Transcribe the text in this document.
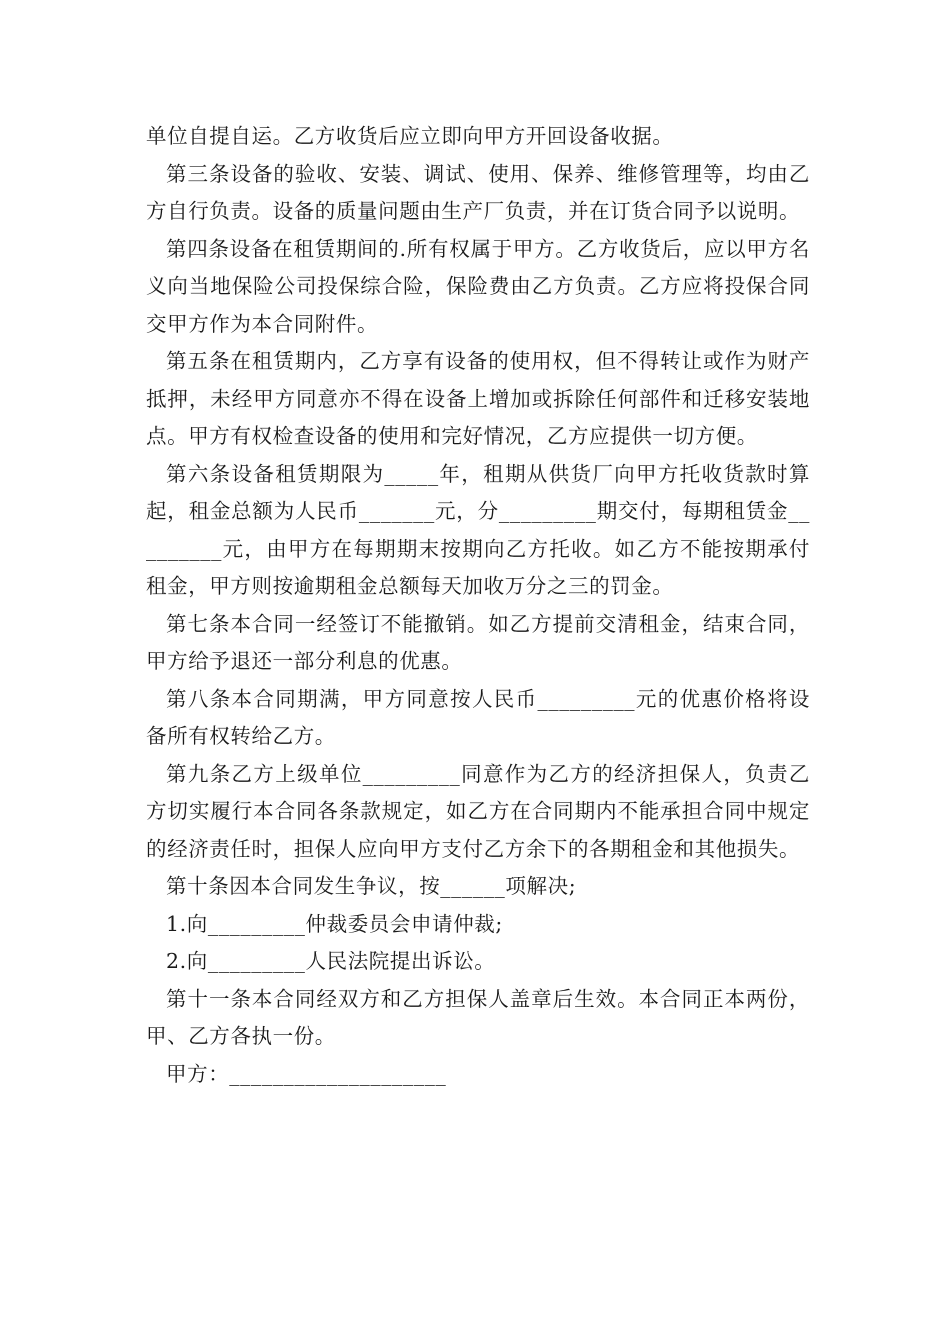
单位自提自运。乙方收货后应立即向甲方开回设备收据。

第三条设备的验收、安装、调试、使用、保养、维修管理等，均由乙方自行负责。设备的质量问题由生产厂负责，并在订货合同予以说明。

第四条设备在租赁期间的.所有权属于甲方。乙方收货后，应以甲方名义向当地保险公司投保综合险，保险费由乙方负责。乙方应将投保合同交甲方作为本合同附件。

第五条在租赁期内，乙方享有设备的使用权，但不得转让或作为财产抵押，未经甲方同意亦不得在设备上增加或拆除任何部件和迁移安装地点。甲方有权检查设备的使用和完好情况，乙方应提供一切方便。

第六条设备租赁期限为_____年，租期从供货厂向甲方托收货款时算起，租金总额为人民币_______元，分_________期交付，每期租赁金_________元，由甲方在每期期末按期向乙方托收。如乙方不能按期承付租金，甲方则按逾期租金总额每天加收万分之三的罚金。

第七条本合同一经签订不能撤销。如乙方提前交清租金，结束合同，甲方给予退还一部分利息的优惠。

第八条本合同期满，甲方同意按人民币_________元的优惠价格将设备所有权转给乙方。

第九条乙方上级单位_________同意作为乙方的经济担保人，负责乙方切实履行本合同各条款规定，如乙方在合同期内不能承担合同中规定的经济责任时，担保人应向甲方支付乙方余下的各期租金和其他损失。

第十条因本合同发生争议，按______项解决;

1.向_________仲裁委员会申请仲裁;

2.向_________人民法院提出诉讼。

第十一条本合同经双方和乙方担保人盖章后生效。本合同正本两份，甲、乙方各执一份。

甲方：____________________
